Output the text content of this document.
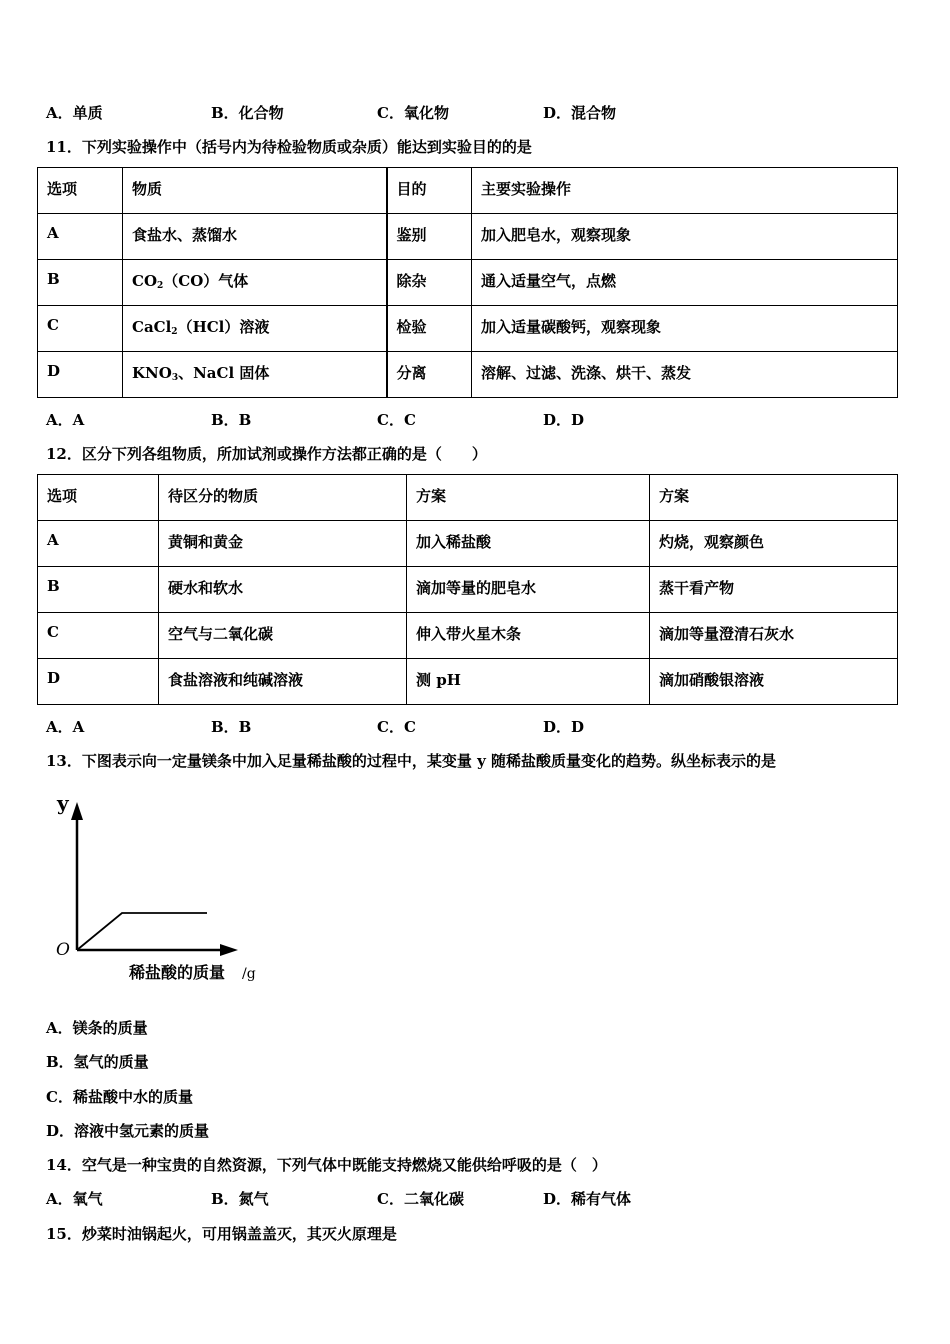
A．单质	B．化合物	C．氧化物	D．混合物
11．下列实验操作中（括号内为待检验物质或杂质）能达到实验目的的是
选项	物质	目的	主要实验操作
A	食盐水、蒸馏水	鉴别	加入肥皂水，观察现象
B	$CO_2(CO)$气体	除杂	通入适量空气，点燃
C	CaCl$_2$（HCl）溶液	检验	加入适量碳酸钙，观察现象
D	$KNO_3$、NaCl 固体	分离	溶解、过滤、洗涤、烘干、蒸发
A．A	B．B	C．C	D．D
12．区分下列各组物质，所加试剂或操作方法都正确的是（　　）
选项	待区分的物质	方案	方案
A	黄铜和黄金	加入稀盐酸	灼烧，观察颜色
B	硬水和软水	滴加等量的肥皂水	蒸干看产物
C	空气与二氧化碳	伸入带火星木条	滴加等量澄清石灰水
D	食盐溶液和纯碱溶液	测 pH	滴加硝酸银溶液
A．A	B．B	C．C	D．D
13．下图表示向一定量镁条中加入足量稀盐酸的过程中，某变量 y 随稀盐酸质量变化的趋势。纵坐标表示的是
y
O
稀盐酸的质量 /g
A．镁条的质量
B．氢气的质量
C．稀盐酸中水的质量
D．溶液中氢元素的质量
14．空气是一种宝贵的自然资源，下列气体中既能支持燃烧又能供给呼吸的是（　）
A．氧气	B．氮气	C．二氧化碳	D．稀有气体
15．炒菜时油锅起火，可用锅盖盖灭，其灭火原理是
